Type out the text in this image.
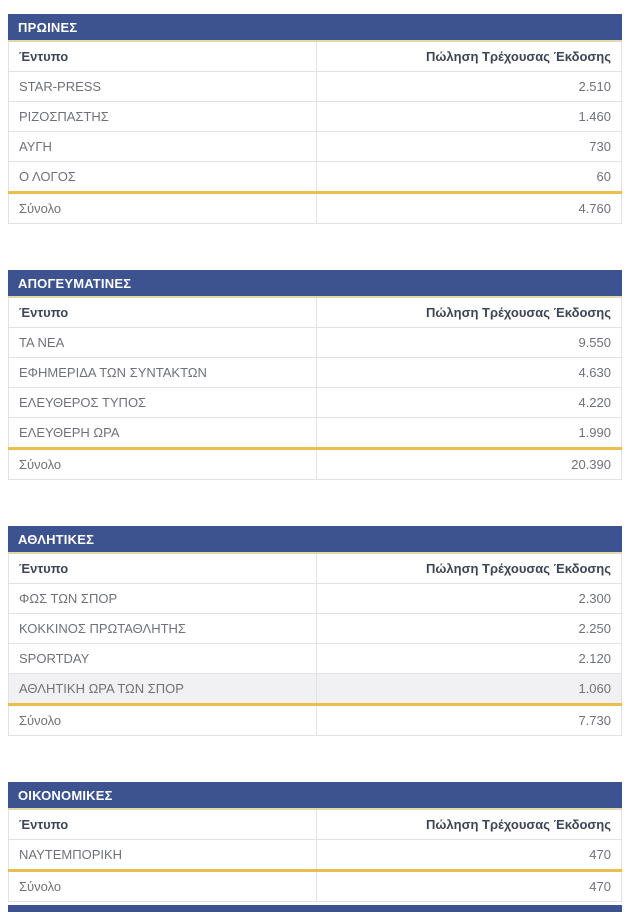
ΠΡΩΙΝΕΣ
Έντυπο	Πώληση Τρέχουσας Έκδοσης
STAR-PRESS	2.510
ΡΙΖΟΣΠΑΣΤΗΣ	1.460
ΑΥΓΗ	730
Ο ΛΟΓΟΣ	60
Σύνολο	4.760
ΑΠΟΓΕΥΜΑΤΙΝΕΣ
Έντυπο	Πώληση Τρέχουσας Έκδοσης
ΤΑ ΝΕΑ	9.550
ΕΦΗΜΕΡΙΔΑ ΤΩΝ ΣΥΝΤΑΚΤΩΝ	4.630
ΕΛΕΥΘΕΡΟΣ ΤΥΠΟΣ	4.220
ΕΛΕΥΘΕΡΗ ΩΡΑ	1.990
Σύνολο	20.390
ΑΘΛΗΤΙΚΕΣ
Έντυπο	Πώληση Τρέχουσας Έκδοσης
ΦΩΣ ΤΩΝ ΣΠΟΡ	2.300
ΚΟΚΚΙΝΟΣ ΠΡΩΤΑΘΛΗΤΗΣ	2.250
SPORTDAY	2.120
ΑΘΛΗΤΙΚΗ ΩΡΑ ΤΩΝ ΣΠΟΡ	1.060
Σύνολο	7.730
ΟΙΚΟΝΟΜΙΚΕΣ
Έντυπο	Πώληση Τρέχουσας Έκδοσης
ΝΑΥΤΕΜΠΟΡΙΚΗ	470
Σύνολο	470
